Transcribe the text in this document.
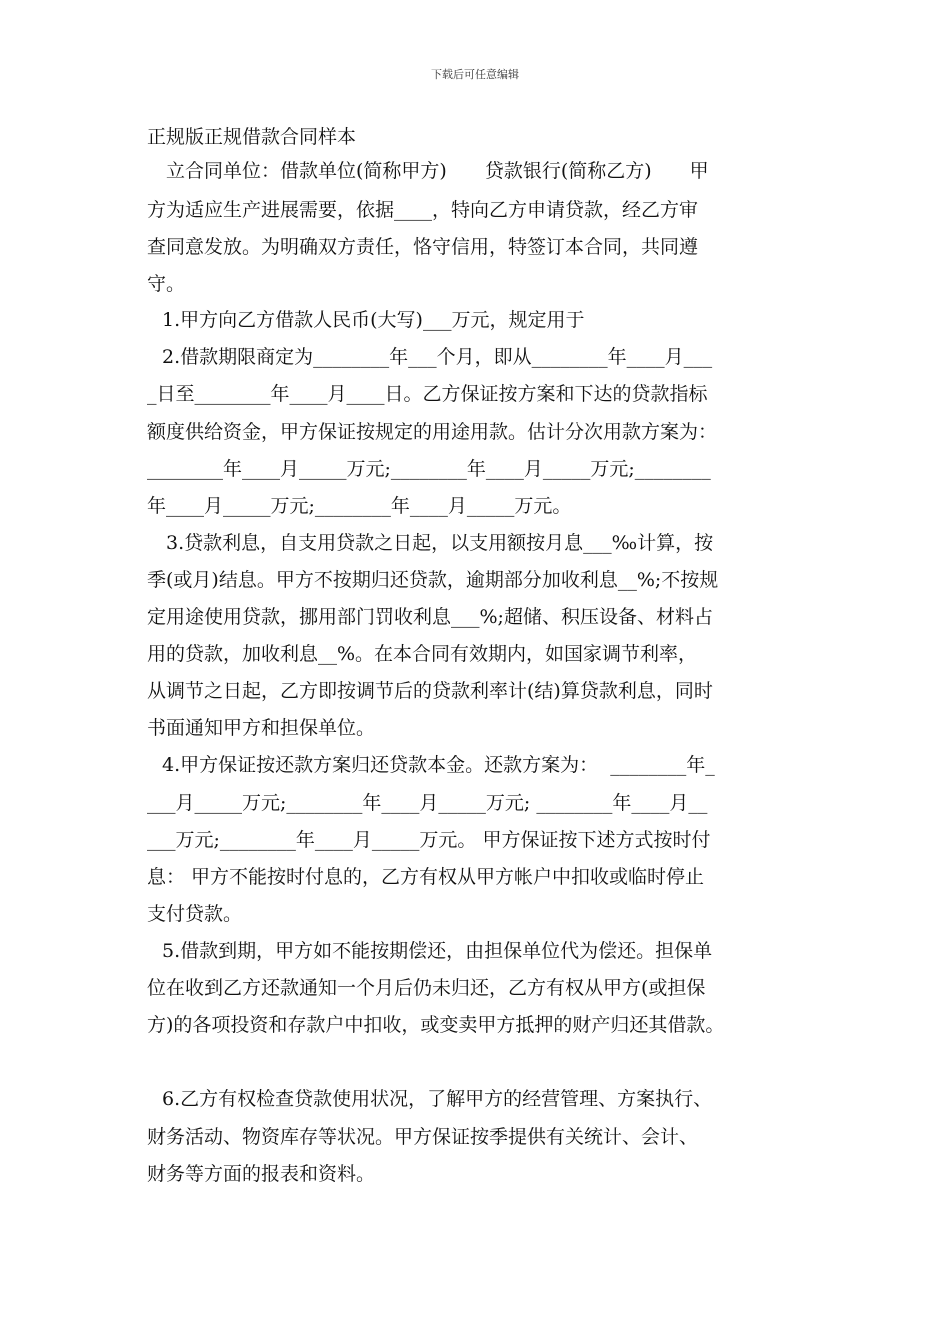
下载后可任意编辑
正规版正规借款合同样本
立合同单位：借款单位(简称甲方)　　贷款银行(简称乙方)　　甲
方为适应生产进展需要，依据____，特向乙方申请贷款，经乙方审
查同意发放。为明确双方责任，恪守信用，特签订本合同，共同遵
守。
1.甲方向乙方借款人民币(大写)___万元，规定用于
2.借款期限商定为________年___个月，即从________年____月___
_日至________年____月____日。乙方保证按方案和下达的贷款指标
额度供给资金，甲方保证按规定的用途用款。估计分次用款方案为：
________年____月_____万元;________年____月_____万元;________
年____月_____万元;________年____月_____万元。
3.贷款利息，自支用贷款之日起，以支用额按月息___‰计算，按
季(或月)结息。甲方不按期归还贷款，逾期部分加收利息__%;不按规
定用途使用贷款，挪用部门罚收利息___%;超储、积压设备、材料占
用的贷款，加收利息__%。在本合同有效期内，如国家调节利率，
从调节之日起，乙方即按调节后的贷款利率计(结)算贷款利息，同时
书面通知甲方和担保单位。
4.甲方保证按还款方案归还贷款本金。还款方案为：  ________年_
___月_____万元;________年____月_____万元; ________年____月__
___万元;________年____月_____万元。 甲方保证按下述方式按时付
息： 甲方不能按时付息的，乙方有权从甲方帐户中扣收或临时停止
支付贷款。
5.借款到期，甲方如不能按期偿还，由担保单位代为偿还。担保单
位在收到乙方还款通知一个月后仍未归还，乙方有权从甲方(或担保
方)的各项投资和存款户中扣收，或变卖甲方抵押的财产归还其借款。
6.乙方有权检查贷款使用状况，了解甲方的经营管理、方案执行、
财务活动、物资库存等状况。甲方保证按季提供有关统计、会计、
财务等方面的报表和资料。
